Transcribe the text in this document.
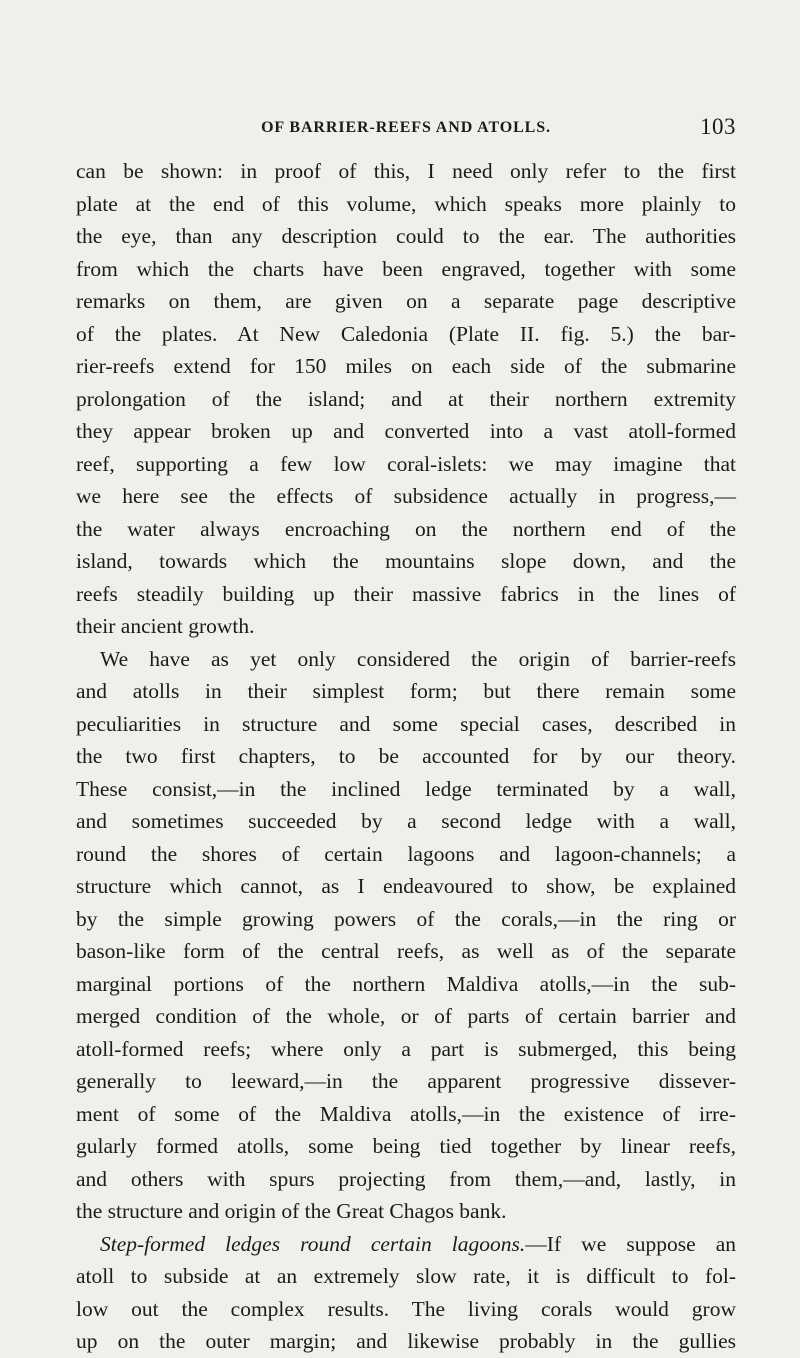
OF BARRIER-REEFS AND ATOLLS.	103
can be shown: in proof of this, I need only refer to the first
plate at the end of this volume, which speaks more plainly to
the eye, than any description could to the ear. The authorities
from which the charts have been engraved, together with some
remarks on them, are given on a separate page descriptive
of the plates. At New Caledonia (Plate II. fig. 5.) the bar-
rier-reefs extend for 150 miles on each side of the submarine
prolongation of the island; and at their northern extremity
they appear broken up and converted into a vast atoll-formed
reef, supporting a few low coral-islets: we may imagine that
we here see the effects of subsidence actually in progress,—
the water always encroaching on the northern end of the
island, towards which the mountains slope down, and the
reefs steadily building up their massive fabrics in the lines of
their ancient growth.
We have as yet only considered the origin of barrier-reefs
and atolls in their simplest form; but there remain some
peculiarities in structure and some special cases, described in
the two first chapters, to be accounted for by our theory.
These consist,—in the inclined ledge terminated by a wall,
and sometimes succeeded by a second ledge with a wall,
round the shores of certain lagoons and lagoon-channels; a
structure which cannot, as I endeavoured to show, be explained
by the simple growing powers of the corals,—in the ring or
bason-like form of the central reefs, as well as of the separate
marginal portions of the northern Maldiva atolls,—in the sub-
merged condition of the whole, or of parts of certain barrier and
atoll-formed reefs; where only a part is submerged, this being
generally to leeward,—in the apparent progressive dissever-
ment of some of the Maldiva atolls,—in the existence of irre-
gularly formed atolls, some being tied together by linear reefs,
and others with spurs projecting from them,—and, lastly, in
the structure and origin of the Great Chagos bank.
Step-formed ledges round certain lagoons.—If we suppose an
atoll to subside at an extremely slow rate, it is difficult to fol-
low out the complex results. The living corals would grow
up on the outer margin; and likewise probably in the gullies
